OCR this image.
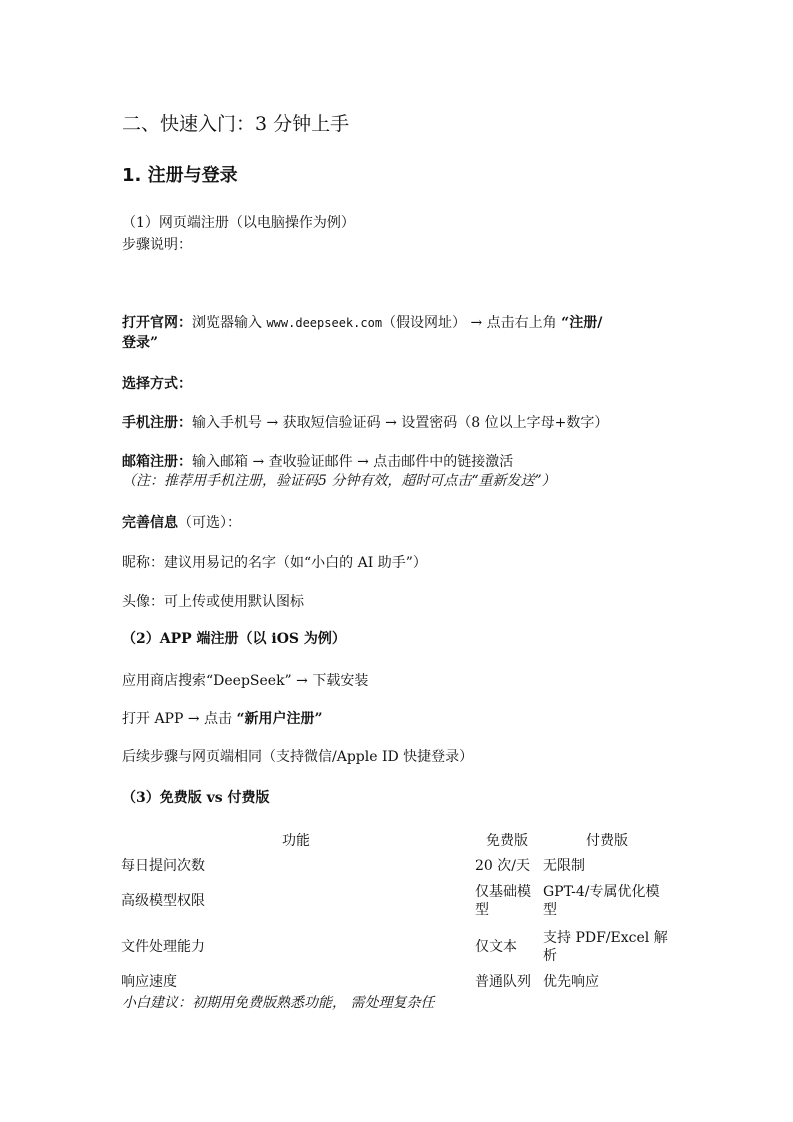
二、快速入门：3 分钟上手
1. 注册与登录
（1）网页端注册（以电脑操作为例）
步骤说明：
打开官网：浏览器输入 www.deepseek.com（假设网址） → 点击右上角 “注册/
登录”
选择方式：
手机注册：输入手机号 → 获取短信验证码 → 设置密码（8 位以上字母+数字）
邮箱注册：输入邮箱 → 查收验证邮件 → 点击邮件中的链接激活
（注：推荐用手机注册，验证码5 分钟有效，超时可点击“重新发送”）
完善信息（可选）：
昵称：建议用易记的名字（如“小白的 AI 助手”）
头像：可上传或使用默认图标
（2）APP 端注册（以 iOS 为例）
应用商店搜索“DeepSeek” → 下载安装
打开 APP → 点击 “新用户注册”
后续步骤与网页端相同（支持微信/Apple ID 快捷登录）
（3）免费版 vs 付费版
功能	免费版	付费版
每日提问次数	20 次/天	无限制
高级模型权限	仅基础模型	GPT-4/专属优化模型
文件处理能力	仅文本	支持 PDF/Excel 解析
响应速度	普通队列	优先响应
小白建议：初期用免费版熟悉功能， 需处理复杂任
